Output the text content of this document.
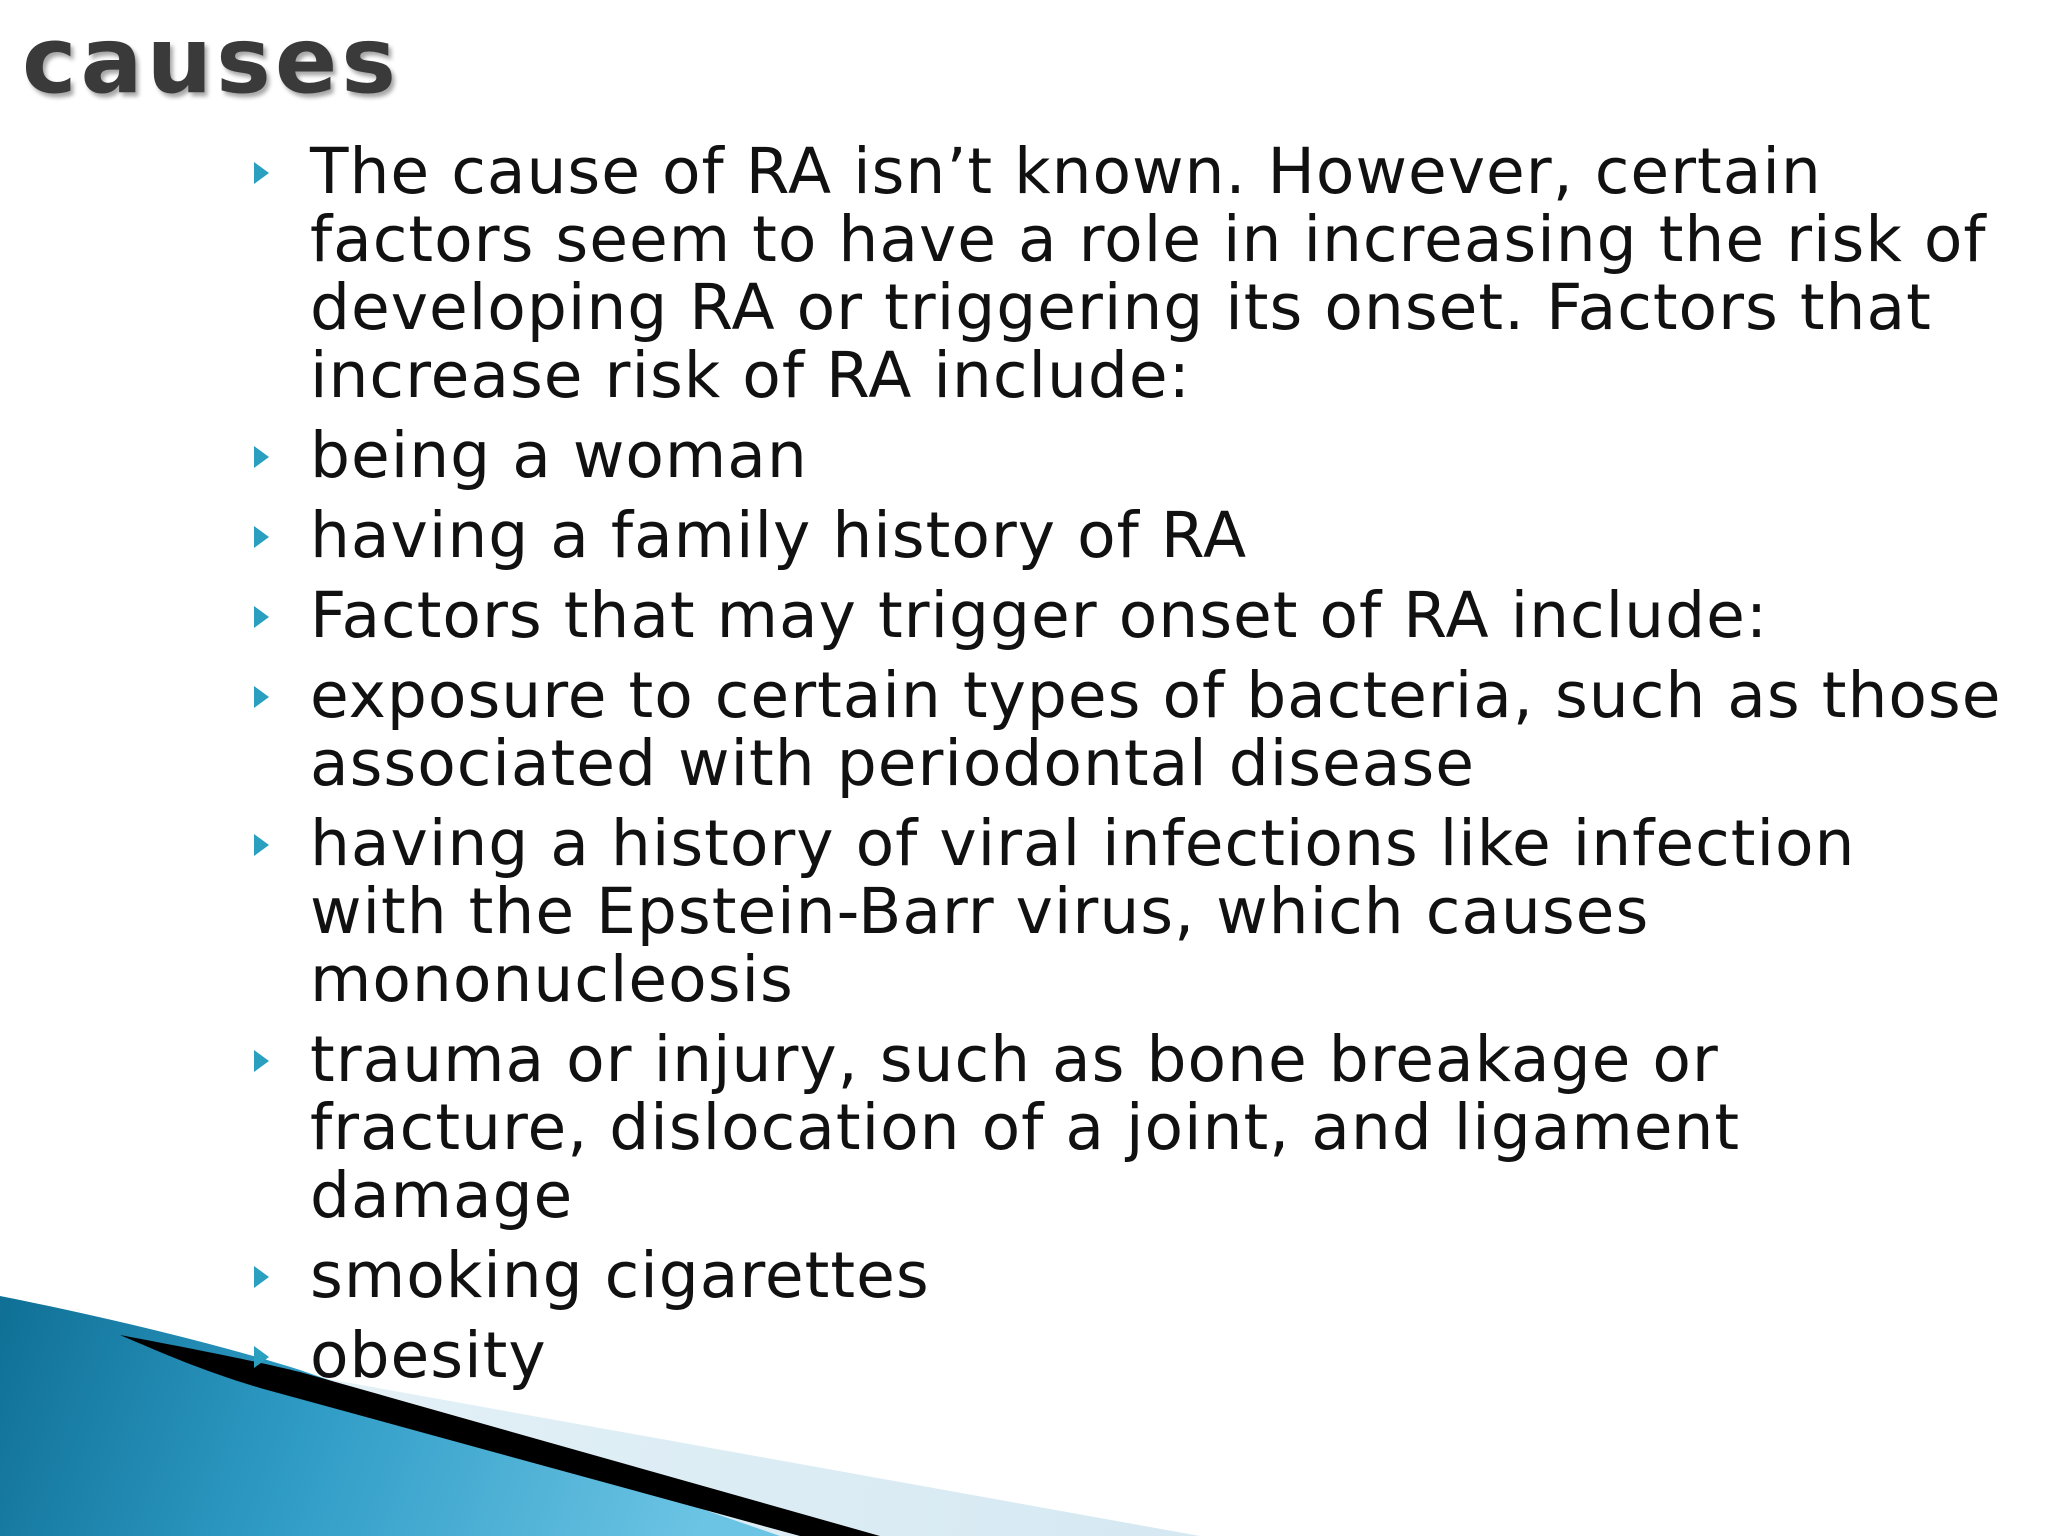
causes
The cause of RA isn’t known. However, certain factors seem to have a role in increasing the risk of developing RA or triggering its onset. Factors that increase risk of RA include:
being a woman
having a family history of RA
Factors that may trigger onset of RA include:
exposure to certain types of bacteria, such as those associated with periodontal disease
having a history of viral infections like infection with the Epstein-Barr virus, which causes mononucleosis
trauma or injury, such as bone breakage or fracture, dislocation of a joint, and ligament damage
smoking cigarettes
obesity
